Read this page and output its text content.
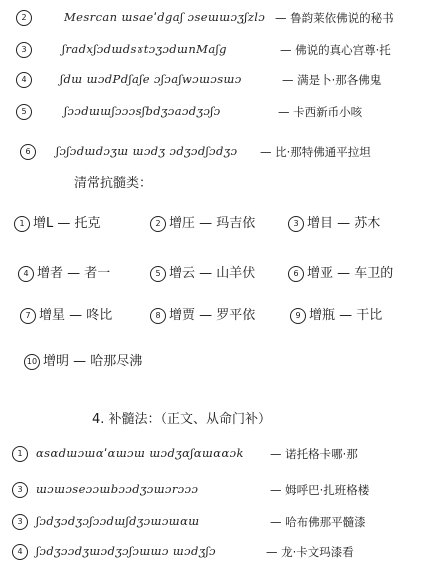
2	Mesrcan ɯsaeˈdgaʃ ɔseɯɯɔʒʃzlɔ — 鲁韵莱依佛说的秘书
3	ʃradxʃɔdɯdsɤtɔʒɔdɯnMaʃg	— 佛说的真心宫尊·托
4	ʃdɯ ɯɔdPdʃaʃe ɔʃɔaʃwɔɯɔsɯɔ	— 满是卜·那各佛鬼
5	ʃɔɔdɯɯʃɔɔɔsʃbdʒɔaɔdʒɔʃɔ	— 卡西新币小咳
6	ʃɔʃɔdɯdɔʒɯ ɯɔdʒ ɔdʒɔdʃɔdʒɔ — 比·那特佛通平拉坦
清常抗髓类：
1 增L — 托克	2 增圧 — 玛吉依	3 增目 — 苏木
4 增者 — 者一	5 增云 — 山羊伏	6 增亚 — 车卫的
7 增星 — 咚比	8 增贾 — 罗平依	9 增瓶 — 干比
10 增明 — 哈那尽沸
4. 补髓法：（正文、从命门补）
1	ɑsɑdɯɔɯɑˈɑɯɔɯ ɯɔdʒɑʃɑɯɑɑɔk — 诺托格卡哪·那
3	ɯɔɯɔseɔɔɯbɔɔdʒɔɯɔrɔɔɔ	— 姆呼巴·扎班格楼
3	ʃɔdʒɔdʒɔʃɔɔdɯʃdʒɔɯɔɯɑɯ	— 哈布佛那平髓漆
4	ʃɔdʒɔɔdʒɯɔdʒɔʃɔɯɯɔ ɯɔdʒʃɔ	— 龙·卡文玛漆看
